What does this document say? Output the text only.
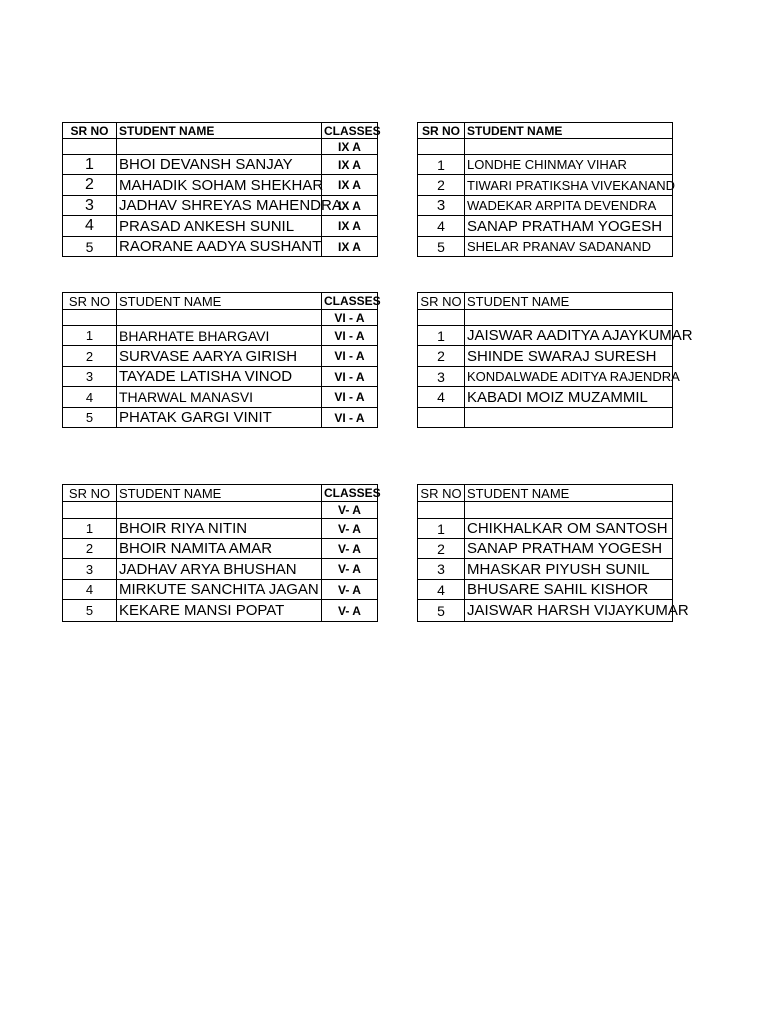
SR NO	STUDENT NAME	CLASSES
		IX A
1	BHOI DEVANSH SANJAY	IX A
2	MAHADIK SOHAM SHEKHAR	IX A
3	JADHAV SHREYAS MAHENDRA	IX A
4	PRASAD ANKESH SUNIL	IX A
5	RAORANE AADYA SUSHANT	IX A
SR NO	STUDENT NAME

1	LONDHE CHINMAY VIHAR
2	TIWARI PRATIKSHA VIVEKANAND
3	WADEKAR ARPITA DEVENDRA
4	SANAP PRATHAM YOGESH
5	SHELAR PRANAV SADANAND
SR NO	STUDENT NAME	CLASSES
		VI - A
1	BHARHATE BHARGAVI	VI - A
2	SURVASE AARYA GIRISH	VI - A
3	TAYADE LATISHA VINOD	VI - A
4	THARWAL MANASVI	VI - A
5	PHATAK GARGI VINIT	VI - A
SR NO	STUDENT NAME

1	JAISWAR AADITYA AJAYKUMAR
2	SHINDE SWARAJ SURESH
3	KONDALWADE ADITYA RAJENDRA
4	KABADI MOIZ MUZAMMIL

SR NO	STUDENT NAME	CLASSES
		V- A
1	BHOIR RIYA NITIN	V- A
2	BHOIR NAMITA AMAR	V- A
3	JADHAV ARYA BHUSHAN	V- A
4	MIRKUTE SANCHITA JAGAN	V- A
5	KEKARE MANSI POPAT	V- A
SR NO	STUDENT NAME

1	CHIKHALKAR OM SANTOSH
2	SANAP PRATHAM YOGESH
3	MHASKAR PIYUSH SUNIL
4	BHUSARE SAHIL KISHOR
5	JAISWAR HARSH VIJAYKUMAR
